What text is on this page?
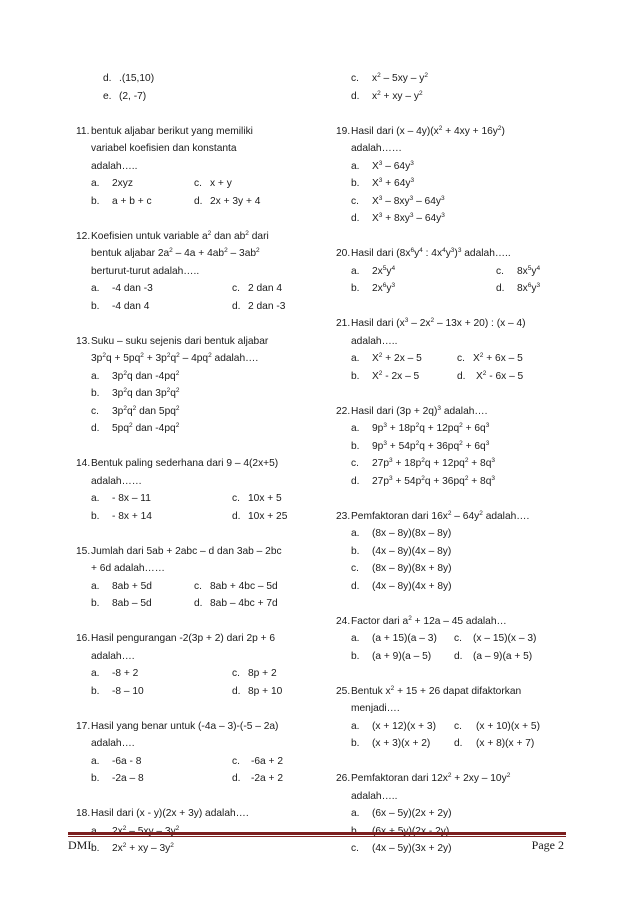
d. .(15,10)
e. (2, -7)
11. bentuk aljabar berikut yang memiliki
variabel koefisien dan konstanta
adalah…..
a. 2xyz	c. x + y
b. a + b + c	d. 2x + 3y + 4
12. Koefisien untuk variable $a^2$ dan $ab^2$ dari
bentuk aljabar $2a^2 - 4a + 4ab^2 - 3ab^2$
berturut-turut adalah…..
a. -4 dan -3	c. 2 dan 4
b. -4 dan 4	d. 2 dan -3
13. Suku – suku sejenis dari bentuk aljabar
$3p^2q + 5pq^2 + 3p^2q^2 - 4pq^2$ adalah….
a. $3p^2q$ dan $-4pq^2$
b. $3p^2q$ dan $3p^2q^2$
c. $3p^2q^2$ dan $5pq^2$
d. $5pq^2$ dan $-4pq^2$
14. Bentuk paling sederhana dari 9 – 4(2x+5)
adalah……
a. - 8x – 11	c. 10x + 5
b. - 8x + 14	d. 10x + 25
15. Jumlah dari 5ab + 2abc – d dan 3ab – 2bc
+ 6d adalah……
a. 8ab + 5d	c. 8ab + 4bc – 5d
b. 8ab – 5d	d. 8ab – 4bc + 7d
16. Hasil pengurangan -2(3p + 2) dari 2p + 6
adalah….
a. -8 + 2	c. 8p + 2
b. -8 – 10	d. 8p + 10
17. Hasil yang benar untuk (-4a – 3)-(-5 – 2a)
adalah….
a. -6a - 8	c. -6a + 2
b. -2a – 8	d. -2a + 2
18. Hasil dari (x - y)(2x + 3y) adalah….
a. $2x^2 - 5xy - 3y^2$
b. $2x^2$ + xy – $3y^2$
c. $x^2 - 5xy - y^2$
d. $x^2$ + xy – $y^2$
19. Hasil dari $(x - 4y)(x^2 + 4xy + 16y^2)$
adalah……
a. $X^3 - 64y^3$
b. $X^3 + 64y^3$
c. $X^3 - 8xy^3 - 64y^3$
d. $X^3 + 8xy^3 - 64y^3$
20. Hasil dari ($8x^6y^4$ : $4x^4y^3)^3$ adalah…..
a. $2x^5y^4$	c. $8x^5y^4$
b. $2x^6y^3$	d. $8x^6y^3$
21. Hasil dari $(x^3 - 2x^2 - 13x + 20)$ : (x – 4)
adalah…..
a. $X^2 + 2x - 5$	c. $X^2 + 6x - 5$
b. $X^2 - 2x - 5$	d. $X^2 - 6x - 5$
22. Hasil dari $(3p + 2q)^3$ adalah….
a. $9p^3 + 18p^2q + 12pq^2 + 6q^3$
b. $9p^3 + 54p^2q + 36pq^2 + 6q^3$
c. $27p^3 + 18p^2q + 12pq^2 + 8q^3$
d. $27p^3 + 54p^2q + 36pq^2 + 8q^3$
23. Pemfaktoran dari $16x^2 - 64y^2$ adalah….
a. (8x – 8y)(8x – 8y)
b. (4x – 8y)(4x – 8y)
c. (8x – 8y)(8x + 8y)
d. (4x – 8y)(4x + 8y)
24. Factor dari $a^2 + 12a - 45$ adalah…
a. (a + 15)(a – 3) c. (x – 15)(x – 3)
b. (a + 9)(a – 5) d. (a – 9)(a + 5)
25. Bentuk $x^2 + 15 + 26$ dapat difaktorkan
menjadi….
a. (x + 12)(x + 3) c. (x + 10)(x + 5)
b. (x + 3)(x + 2) d. (x + 8)(x + 7)
26. Pemfaktoran dari $12x^2 + 2xy - 10y^2$
adalah…..
a. (6x – 5y)(2x + 2y)
b. (6x + 5y)(2x - 2y)
c. (4x – 5y)(3x + 2y)
DMI	Page 2
